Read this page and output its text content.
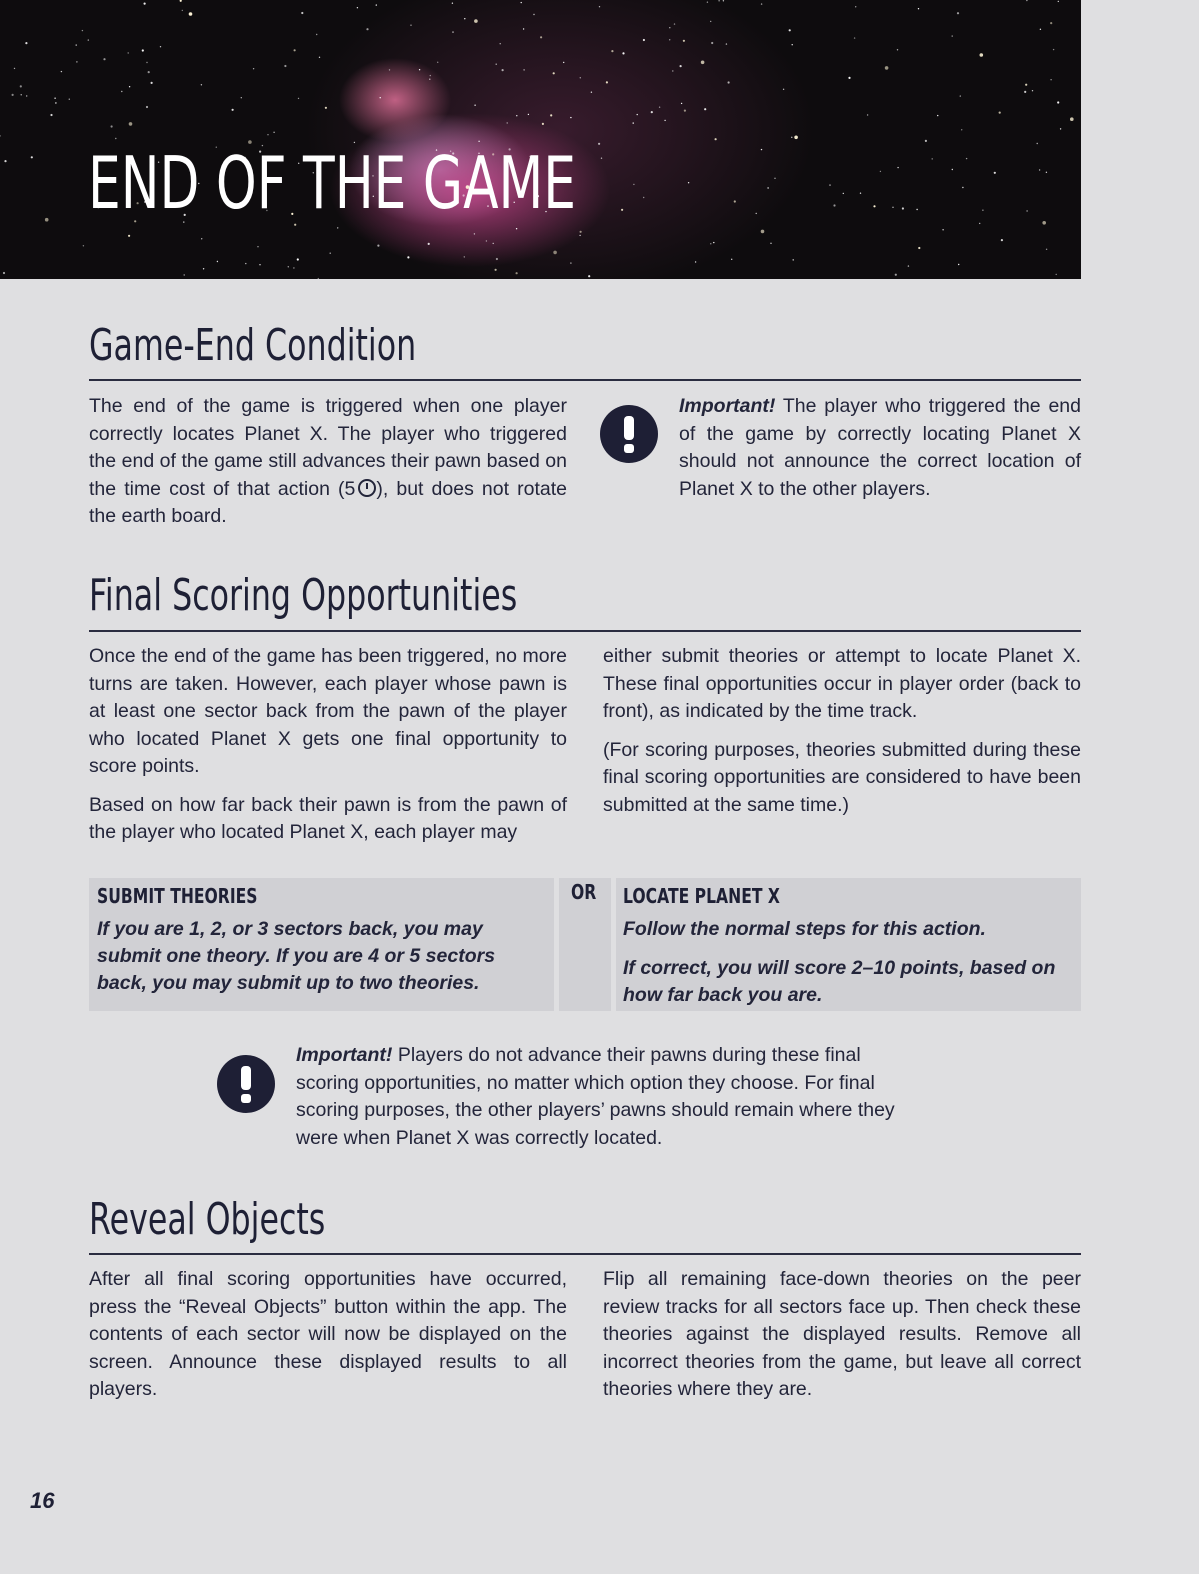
END OF THE GAME
Game-End Condition
The end of the game is triggered when one player correctly locates Planet X. The player who triggered the end of the game still advances their pawn based on the time cost of that action (5 ), but does not rotate the earth board.
Important! The player who triggered the end of the game by correctly locating Planet X should not announce the correct location of Planet X to the other players.
Final Scoring Opportunities

Once the end of the game has been triggered, no more turns are taken. However, each player whose pawn is at least one sector back from the pawn of the player who located Planet X gets one final opportunity to score points.

Based on how far back their pawn is from the pawn of the player who located Planet X, each player may

either submit theories or attempt to locate Planet X. These final opportunities occur in player order (back to front), as indicated by the time track.

(For scoring purposes, theories submitted during these final scoring opportunities are considered to have been submitted at the same time.)

SUBMIT THEORIES
If you are 1, 2, or 3 sectors back, you may submit one theory. If you are 4 or 5 sectors back, you may submit up to two theories.
OR LOCATE PLANET X

Follow the normal steps for this action.

If correct, you will score 2–10 points, based on how far back you are.

Important! Players do not advance their pawns during these final scoring opportunities, no matter which option they choose. For final scoring purposes, the other players’ pawns should remain where they were when Planet X was correctly located.
Reveal Objects

After all final scoring opportunities have occurred, press the “Reveal Objects” button within the app. The contents of each sector will now be displayed on the screen. Announce these displayed results to all players.

Flip all remaining face-down theories on the peer review tracks for all sectors face up. Then check these theories against the displayed results. Remove all incorrect theories from the game, but leave all correct theories where they are.

16
